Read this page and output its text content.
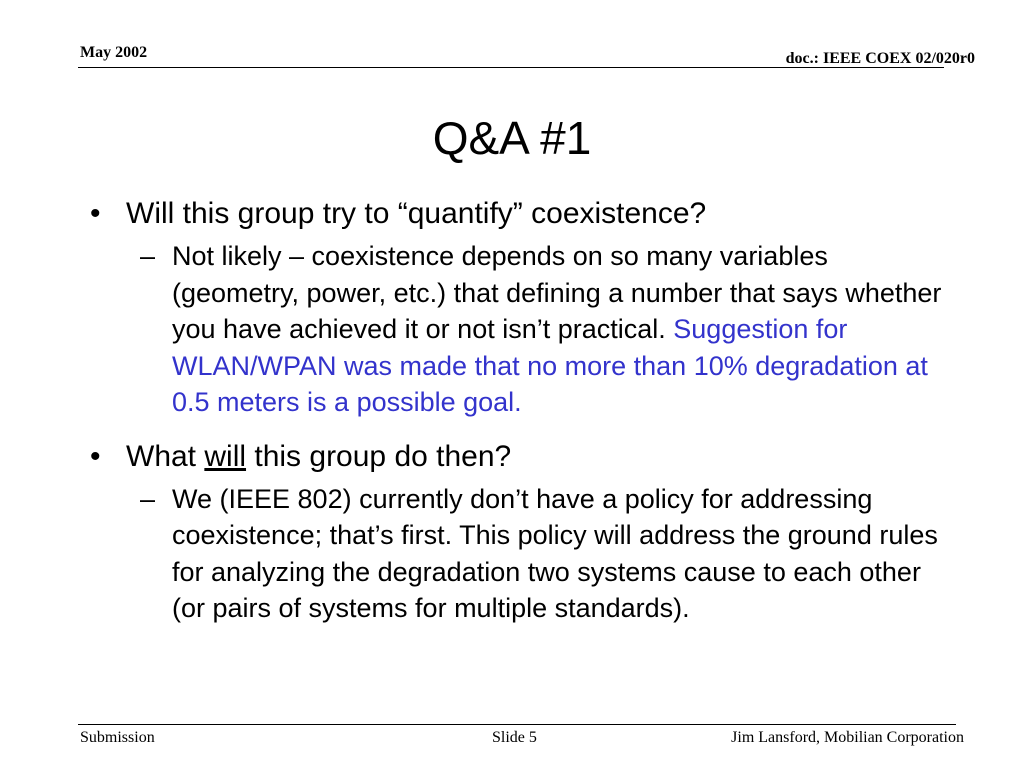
May 2002	doc.: IEEE COEX 02/020r0
Q&A #1
• Will this group try to “quantify” coexistence?
– Not likely – coexistence depends on so many variables (geometry, power, etc.) that defining a number that says whether you have achieved it or not isn’t practical. Suggestion for WLAN/WPAN was made that no more than 10% degradation at 0.5 meters is a possible goal.
• What will this group do then?
– We (IEEE 802) currently don’t have a policy for addressing coexistence; that’s first. This policy will address the ground rules for analyzing the degradation two systems cause to each other (or pairs of systems for multiple standards).
Submission	Slide 5	Jim Lansford, Mobilian Corporation
